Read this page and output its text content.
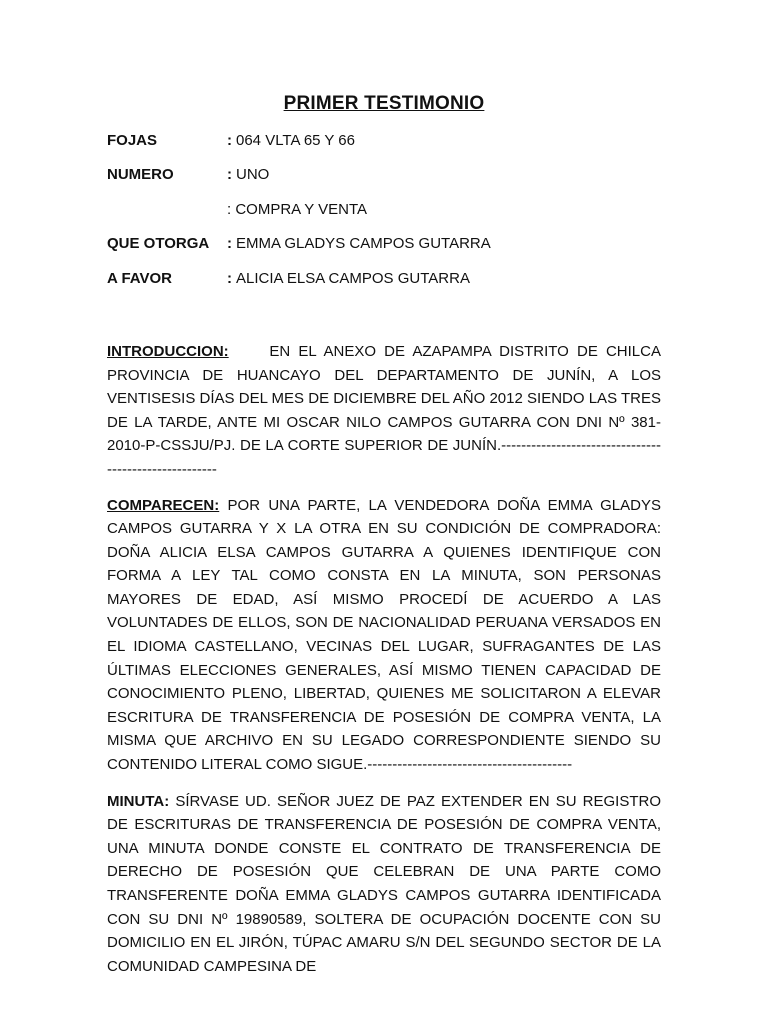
PRIMER TESTIMONIO
FOJAS	: 064 VLTA 65 Y 66
NUMERO	: UNO
: COMPRA Y VENTA
QUE OTORGA	: EMMA GLADYS CAMPOS GUTARRA
A FAVOR	: ALICIA ELSA CAMPOS GUTARRA

INTRODUCCION:	EN EL ANEXO DE AZAPAMPA DISTRITO DE CHILCA PROVINCIA DE HUANCAYO DEL DEPARTAMENTO DE JUNÍN, A LOS VENTISESIS DÍAS DEL MES DE DICIEMBRE DEL AÑO 2012 SIENDO LAS TRES DE LA TARDE, ANTE MI OSCAR NILO CAMPOS GUTARRA CON DNI Nº 381-2010-P-CSSJU/PJ. DE LA CORTE SUPERIOR DE JUNÍN.------------------------------------------------------

COMPARECEN: POR UNA PARTE, LA VENDEDORA DOÑA EMMA GLADYS CAMPOS GUTARRA Y X LA OTRA EN SU CONDICIÓN DE COMPRADORA: DOÑA ALICIA ELSA CAMPOS GUTARRA A QUIENES IDENTIFIQUE CON FORMA A LEY TAL COMO CONSTA EN LA MINUTA, SON PERSONAS MAYORES DE EDAD, ASÍ MISMO PROCEDÍ DE ACUERDO A LAS VOLUNTADES DE ELLOS, SON DE NACIONALIDAD PERUANA VERSADOS EN EL IDIOMA CASTELLANO, VECINAS DEL LUGAR, SUFRAGANTES DE LAS ÚLTIMAS ELECCIONES GENERALES, ASÍ MISMO TIENEN CAPACIDAD DE CONOCIMIENTO PLENO, LIBERTAD, QUIENES ME SOLICITARON A ELEVAR ESCRITURA DE TRANSFERENCIA DE POSESIÓN DE COMPRA VENTA, LA MISMA QUE ARCHIVO EN SU LEGADO CORRESPONDIENTE SIENDO SU CONTENIDO LITERAL COMO SIGUE.-----------------------------------------

MINUTA: SÍRVASE UD. SEÑOR JUEZ DE PAZ EXTENDER EN SU REGISTRO DE ESCRITURAS DE TRANSFERENCIA DE POSESIÓN DE COMPRA VENTA, UNA MINUTA DONDE CONSTE EL CONTRATO DE TRANSFERENCIA DE DERECHO DE POSESIÓN QUE CELEBRAN DE UNA PARTE COMO TRANSFERENTE DOÑA EMMA GLADYS CAMPOS GUTARRA IDENTIFICADA CON SU DNI Nº 19890589, SOLTERA DE OCUPACIÓN DOCENTE CON SU DOMICILIO EN EL JIRÓN, TÚPAC AMARU S/N DEL SEGUNDO SECTOR DE LA COMUNIDAD CAMPESINA DE
